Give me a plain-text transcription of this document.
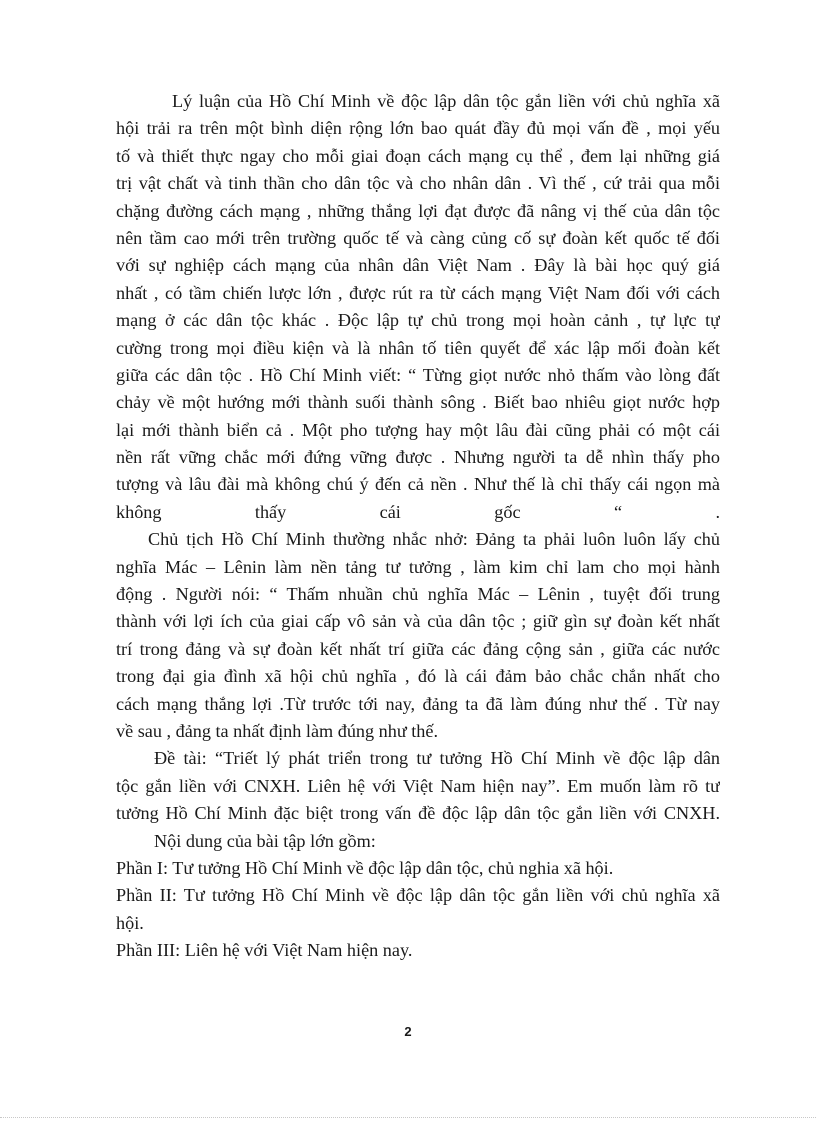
Lý luận của Hồ Chí Minh về độc lập dân tộc gắn liền với chủ nghĩa xã
hội trải ra trên một bình diện rộng lớn bao quát đầy đủ mọi vấn đề , mọi yếu
tố và thiết thực ngay cho mỗi giai đoạn cách mạng cụ thể , đem lại những giá
trị vật chất và tinh thần cho dân tộc và cho nhân dân . Vì thế , cứ trải qua mỗi
chặng đường cách mạng , những thắng lợi đạt được đã nâng vị thế của dân tộc
nên tầm cao mới trên trường quốc tế và càng củng cố sự đoàn kết quốc tế đối
với sự nghiệp cách mạng của nhân dân Việt Nam . Đây là bài học quý giá
nhất , có tầm chiến lược lớn , được rút ra từ cách mạng Việt Nam đối với cách
mạng ở các dân tộc khác . Độc lập tự chủ trong mọi hoàn cảnh , tự lực tự
cường trong mọi điều kiện và là nhân tố tiên quyết để xác lập mối đoàn kết
giữa các dân tộc . Hồ Chí Minh viết: “ Từng giọt nước nhỏ thấm vào lòng đất
chảy về một hướng mới thành suối thành sông . Biết bao nhiêu giọt nước hợp
lại mới thành biển cả . Một pho tượng hay một lâu đài cũng phải có một cái
nền rất vững chắc mới đứng vững được . Nhưng người ta dễ nhìn thấy pho
tượng và lâu đài mà không chú ý đến cả nền . Như thế là chỉ thấy cái ngọn mà
không thấy cái gốc “ .
Chủ tịch Hồ Chí Minh thường nhắc nhở: Đảng ta phải luôn luôn lấy chủ
nghĩa Mác – Lênin làm nền tảng tư tưởng , làm kim chỉ lam cho mọi hành
động . Người nói: “ Thấm nhuần chủ nghĩa Mác – Lênin , tuyệt đối trung
thành với lợi ích của giai cấp vô sản và của dân tộc ; giữ gìn sự đoàn kết nhất
trí trong đảng và sự đoàn kết nhất trí giữa các đảng cộng sản , giữa các nước
trong đại gia đình xã hội chủ nghĩa , đó là cái đảm bảo chắc chắn nhất cho
cách mạng thắng lợi .Từ trước tới nay, đảng ta đã làm đúng như thế . Từ nay
về sau , đảng ta nhất định làm đúng như thế.
Đề tài: “Triết lý phát triển trong tư tưởng Hồ Chí Minh về độc lập dân
tộc gắn liền với CNXH. Liên hệ với Việt Nam hiện nay”. Em muốn làm rõ tư
tưởng Hồ Chí Minh đặc biệt trong vấn đề độc lập dân tộc gắn liền với CNXH.
Nội dung của bài tập lớn gồm:
Phần I: Tư tưởng Hồ Chí Minh về độc lập dân tộc, chủ nghia xã hội.
Phần II: Tư tưởng Hồ Chí Minh về độc lập dân tộc gắn liền với chủ nghĩa xã
hội.
Phần III: Liên hệ với Việt Nam hiện nay.
2
